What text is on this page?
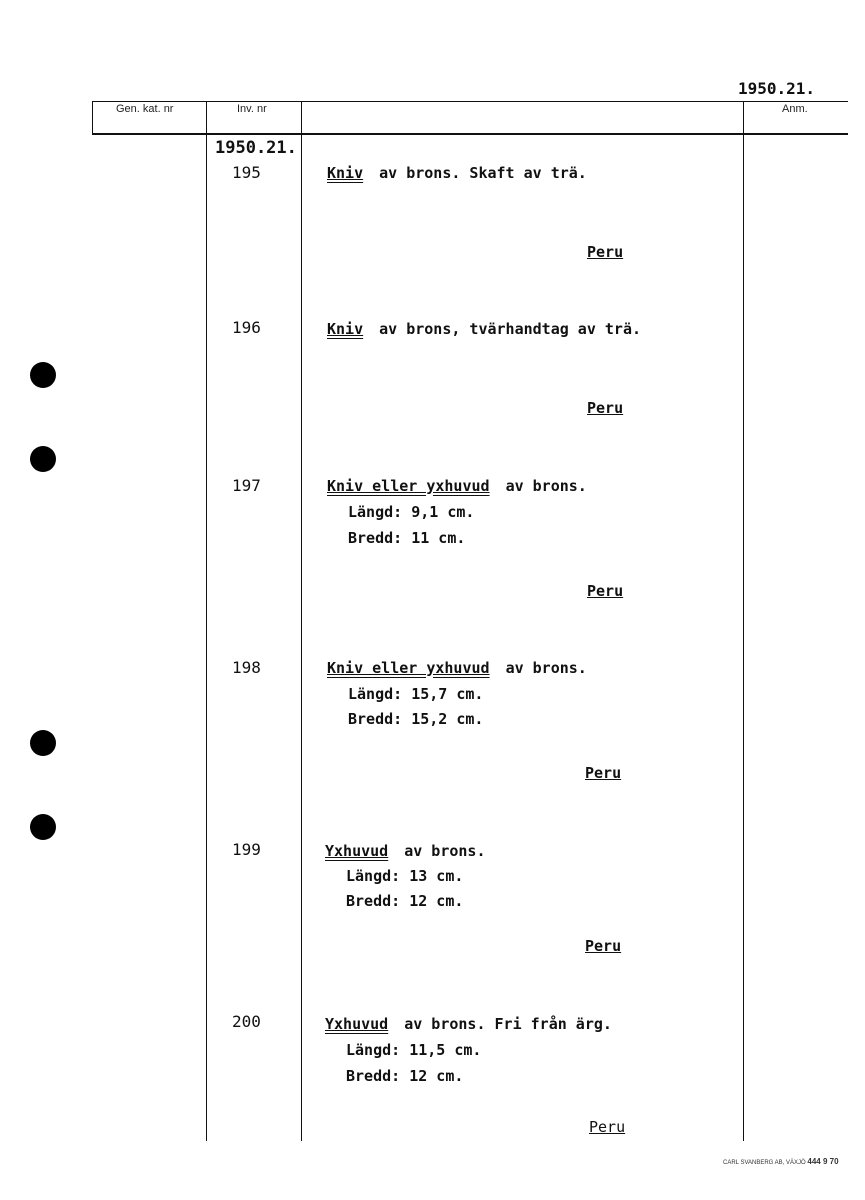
1950.21.
Gen. kat. nr	Inv. nr	Anm.
1950.21.
195	Kniv av brons. Skaft av trä.
Peru
196	Kniv av brons, tvärhandtag av trä.
Peru
197	Kniv eller yxhuvud av brons.
Längd: 9,1 cm.
Bredd: 11 cm.
Peru
198	Kniv eller yxhuvud av brons.
Längd: 15,7 cm.
Bredd: 15,2 cm.
Peru
199	Yxhuvud av brons.
Längd: 13 cm.
Bredd: 12 cm.
Peru
200	Yxhuvud av brons. Fri från ärg.
Längd: 11,5 cm.
Bredd: 12 cm.
Peru
CARL SVANBERG AB, VÄXJÖ 444 9 70
